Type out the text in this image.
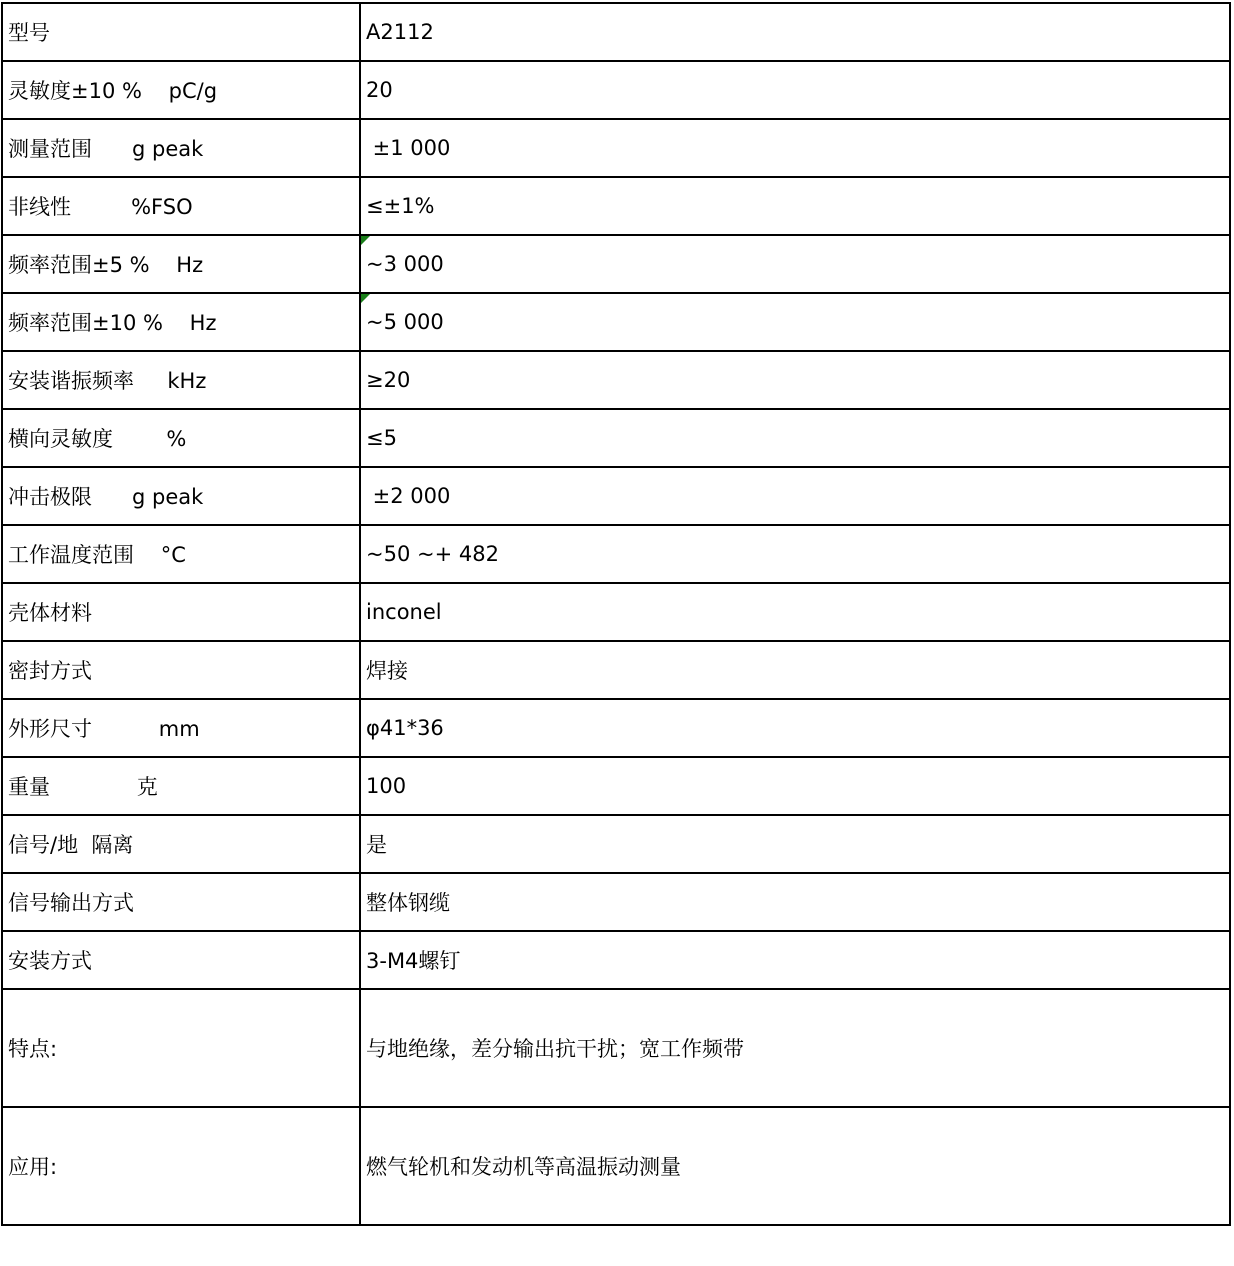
型号	A2112
灵敏度±10 %    pC/g	20
测量范围      g peak	±1 000
非线性         %FSO	≤±1%
频率范围±5 %    Hz	~3 000
频率范围±10 %    Hz	~5 000
安装谐振频率     kHz	≥20
横向灵敏度        %	≤5
冲击极限      g peak	±2 000
工作温度范围    °C	~50 ~+ 482
壳体材料	inconel
密封方式	焊接
外形尺寸          mm	φ41*36
重量             克	100
信号/地  隔离	是
信号输出方式	整体钢缆
安装方式	3-M4螺钉
特点:	与地绝缘，差分输出抗干扰；宽工作频带
应用:	燃气轮机和发动机等高温振动测量
